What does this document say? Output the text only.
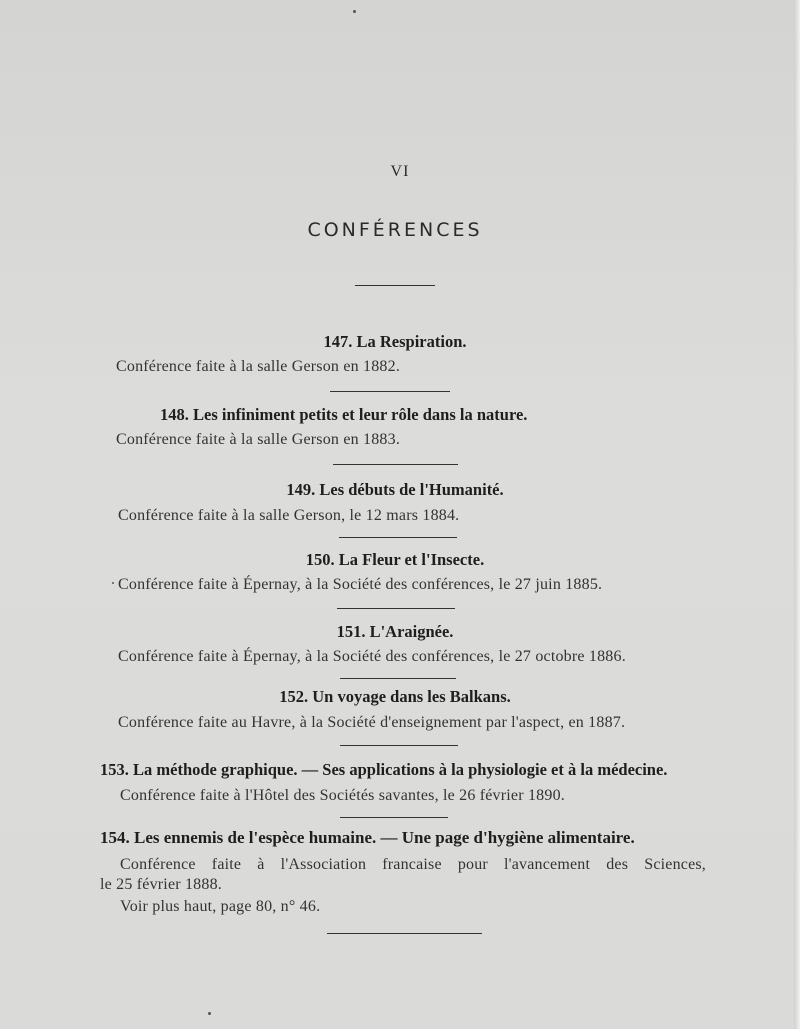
VI
CONFÉRENCES
147. La Respiration.
Conférence faite à la salle Gerson en 1882.
148. Les infiniment petits et leur rôle dans la nature.
Conférence faite à la salle Gerson en 1883.
149. Les débuts de l'Humanité.
Conférence faite à la salle Gerson, le 12 mars 1884.
150. La Fleur et l'Insecte.
Conférence faite à Épernay, à la Société des conférences, le 27 juin 1885.
151. L'Araignée.
Conférence faite à Épernay, à la Société des conférences, le 27 octobre 1886.
152. Un voyage dans les Balkans.
Conférence faite au Havre, à la Société d'enseignement par l'aspect, en 1887.
153. La méthode graphique. — Ses applications à la physiologie et à la médecine.
Conférence faite à l'Hôtel des Sociétés savantes, le 26 février 1890.
154. Les ennemis de l'espèce humaine. — Une page d'hygiène alimentaire.
Conférence faite à l'Association francaise pour l'avancement des Sciences,
le 25 février 1888.
Voir plus haut, page 80, n° 46.
